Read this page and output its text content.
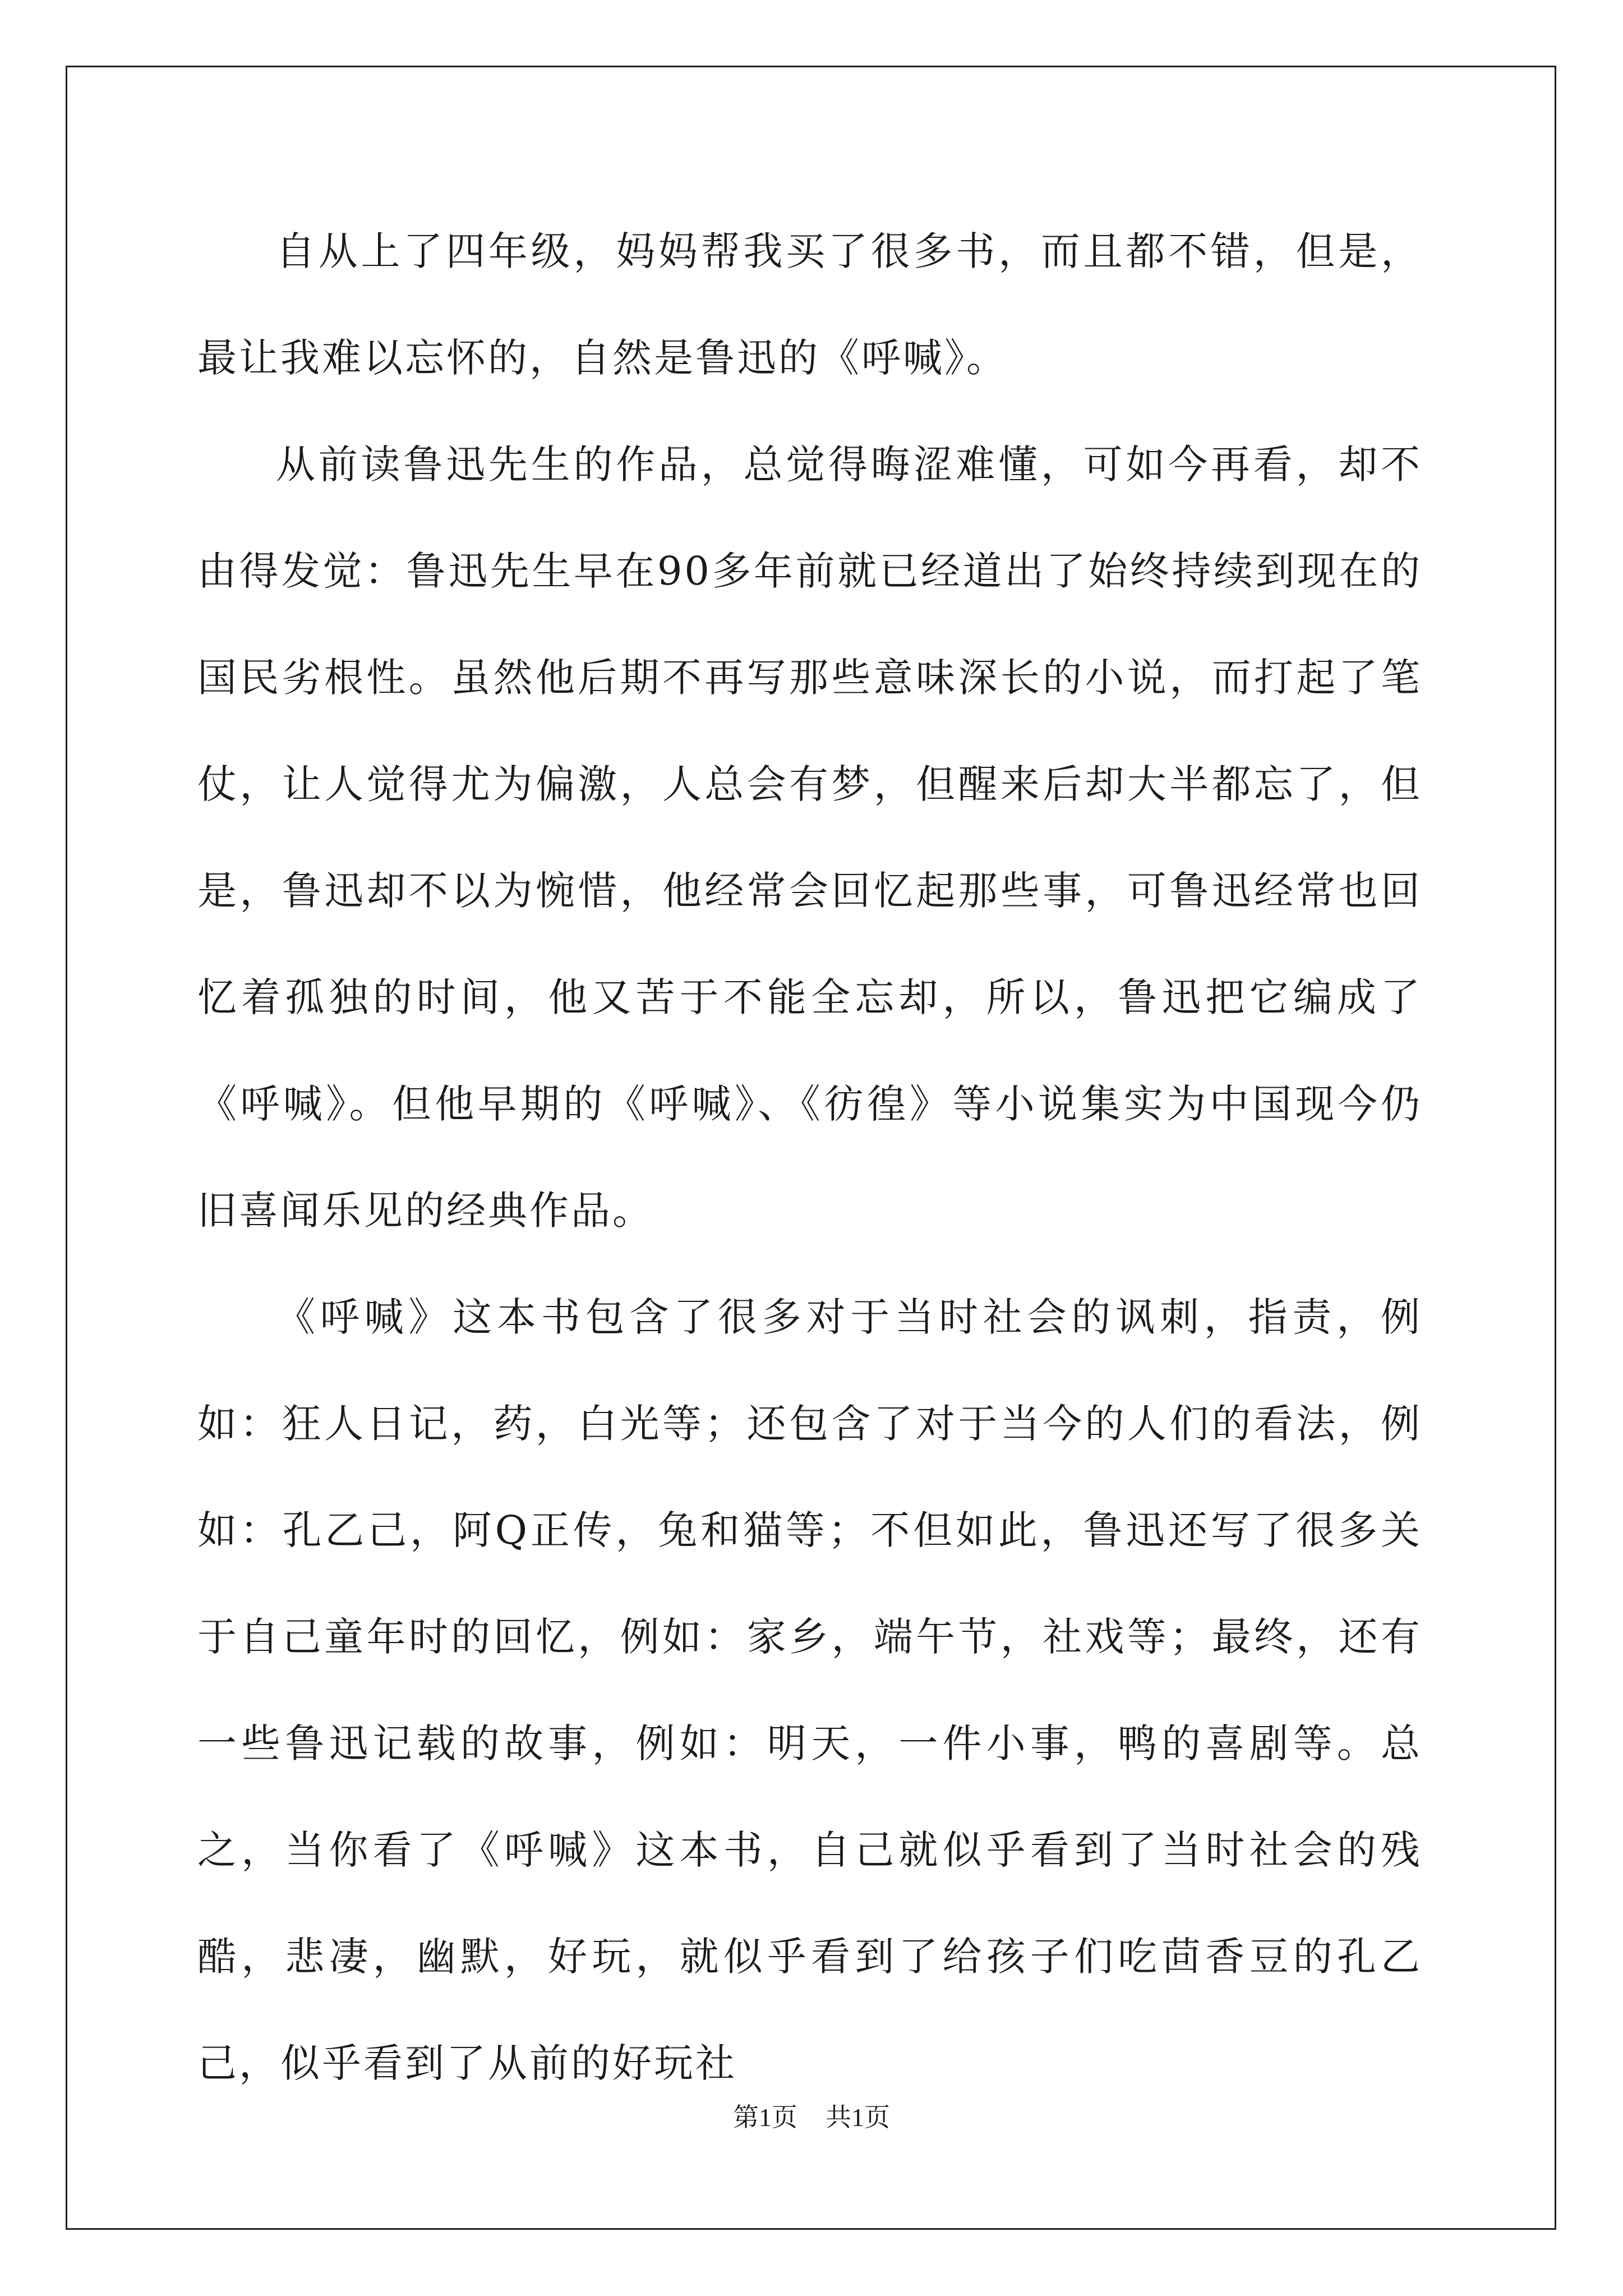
自从上了四年级，妈妈帮我买了很多书，而且都不错，但是，最让我难以忘怀的，自然是鲁迅的《呼喊》。

从前读鲁迅先生的作品，总觉得晦涩难懂，可如今再看，却不由得发觉：鲁迅先生早在90多年前就已经道出了始终持续到现在的国民劣根性。虽然他后期不再写那些意味深长的小说，而打起了笔仗，让人觉得尤为偏激，人总会有梦，但醒来后却大半都忘了，但是，鲁迅却不以为惋惜，他经常会回忆起那些事，可鲁迅经常也回忆着孤独的时间，他又苦于不能全忘却，所以，鲁迅把它编成了《呼喊》。但他早期的《呼喊》、《彷徨》等小说集实为中国现今仍旧喜闻乐见的经典作品。

《呼喊》这本书包含了很多对于当时社会的讽刺，指责，例如：狂人日记，药，白光等；还包含了对于当今的人们的看法，例如：孔乙己，阿Q正传，兔和猫等；不但如此，鲁迅还写了很多关于自己童年时的回忆，例如：家乡，端午节，社戏等；最终，还有一些鲁迅记载的故事，例如：明天，一件小事，鸭的喜剧等。总之，当你看了《呼喊》这本书，自己就似乎看到了当时社会的残酷，悲凄，幽默，好玩，就似乎看到了给孩子们吃茴香豆的孔乙己，似乎看到了从前的好玩社

第1页 共1页
